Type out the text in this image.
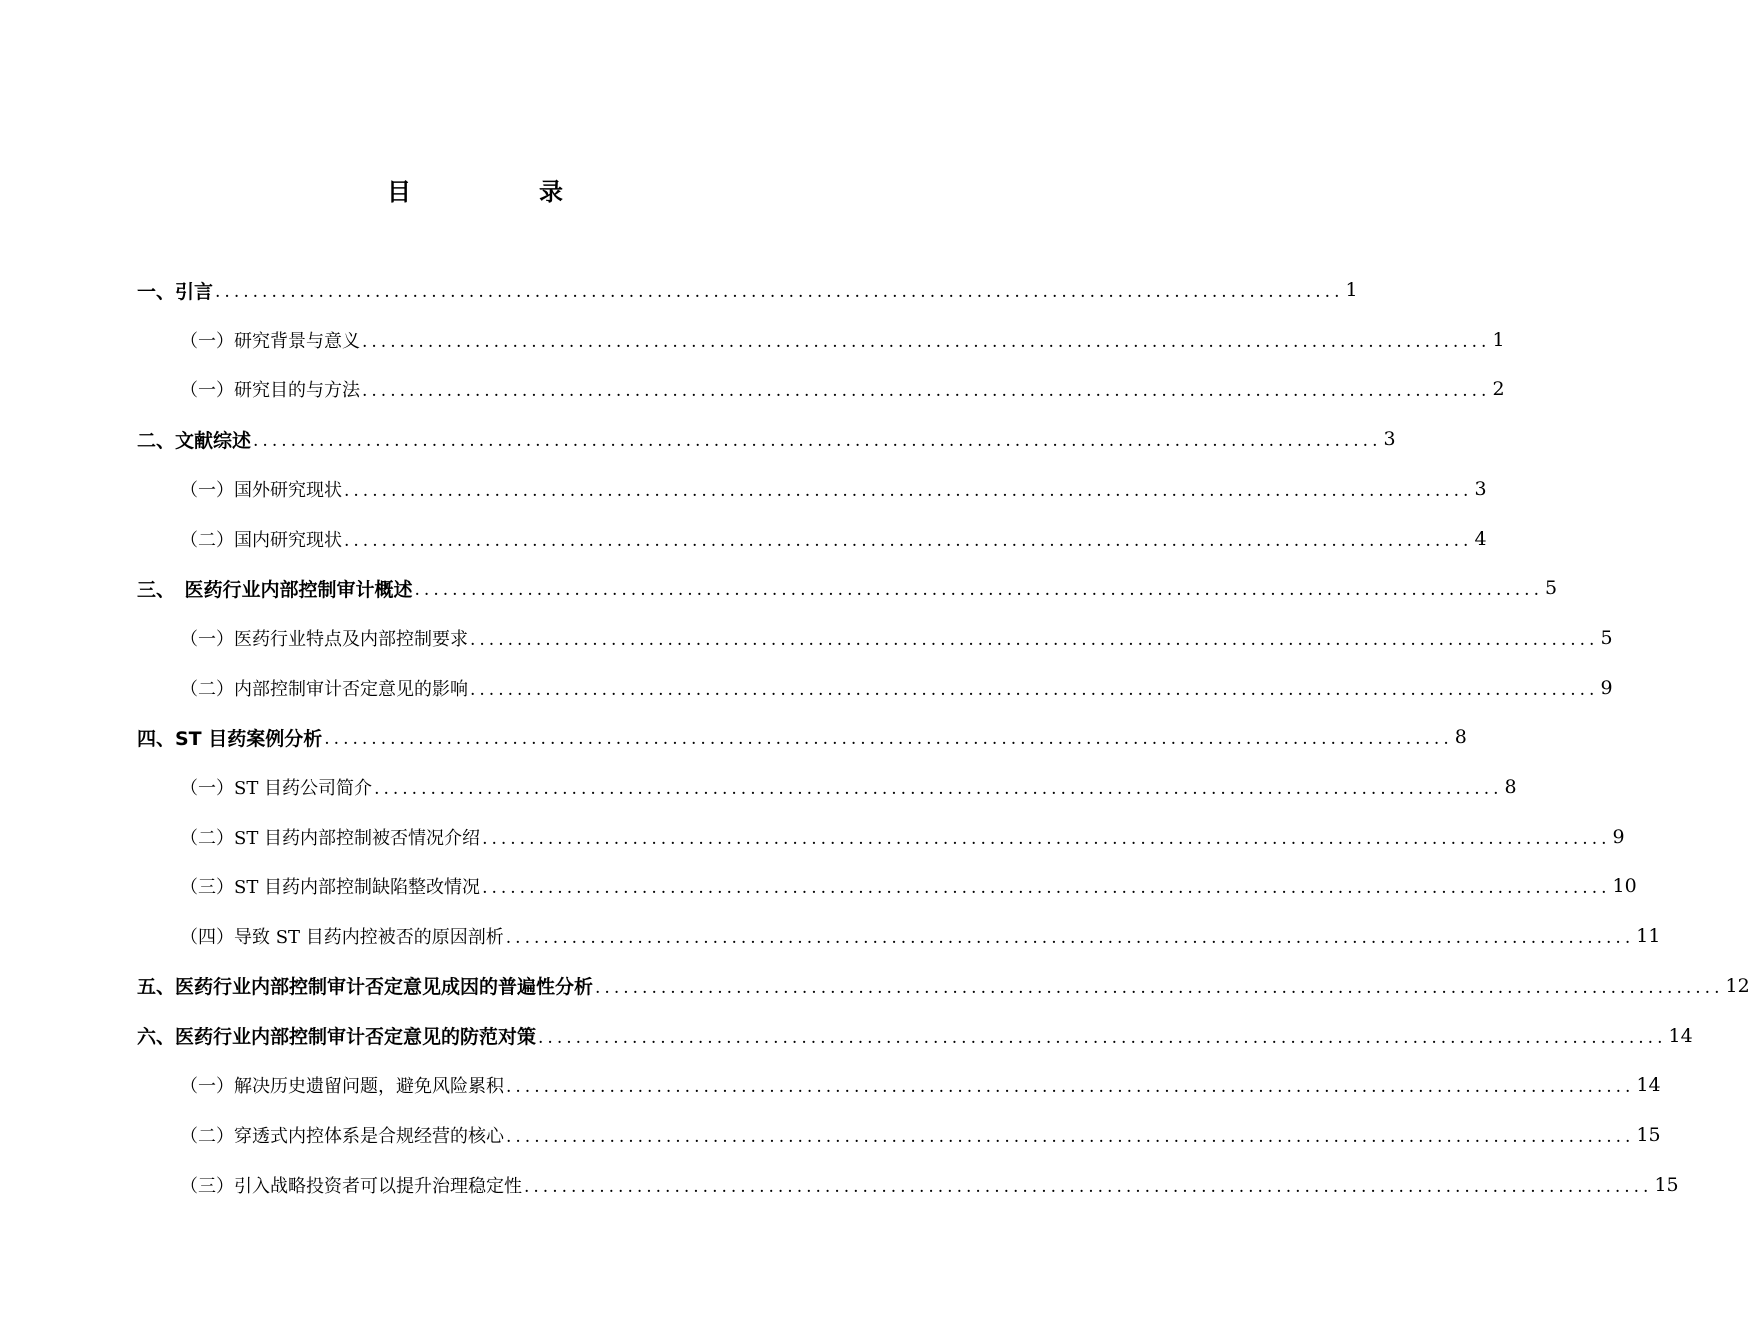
目　录
一、引言 ........................................................................................................................ 1
（一）研究背景与意义 ........................................................................................................................ 1
（一）研究目的与方法 ........................................................................................................................ 2
二、文献综述 ........................................................................................................................ 3
（一）国外研究现状 ........................................................................................................................ 3
（二）国内研究现状 ........................................................................................................................ 4
三、　医药行业内部控制审计概述 ........................................................................................................................ 5
（一）医药行业特点及内部控制要求 ........................................................................................................................ 5
（二）内部控制审计否定意见的影响 ........................................................................................................................ 9
四、ST 目药案例分析 ........................................................................................................................ 8
（一）ST 目药公司简介 ........................................................................................................................ 8
（二）ST 目药内部控制被否情况介绍 ........................................................................................................................ 9
（三）ST 目药内部控制缺陷整改情况 ........................................................................................................................ 10
（四）导致 ST 目药内控被否的原因剖析 ........................................................................................................................ 11
五、医药行业内部控制审计否定意见成因的普遍性分析 ........................................................................................................................ 12
六、医药行业内部控制审计否定意见的防范对策 ........................................................................................................................ 14
（一）解决历史遗留问题，避免风险累积 ........................................................................................................................ 14
（二）穿透式内控体系是合规经营的核心 ........................................................................................................................ 15
（三）引入战略投资者可以提升治理稳定性 ........................................................................................................................ 15
